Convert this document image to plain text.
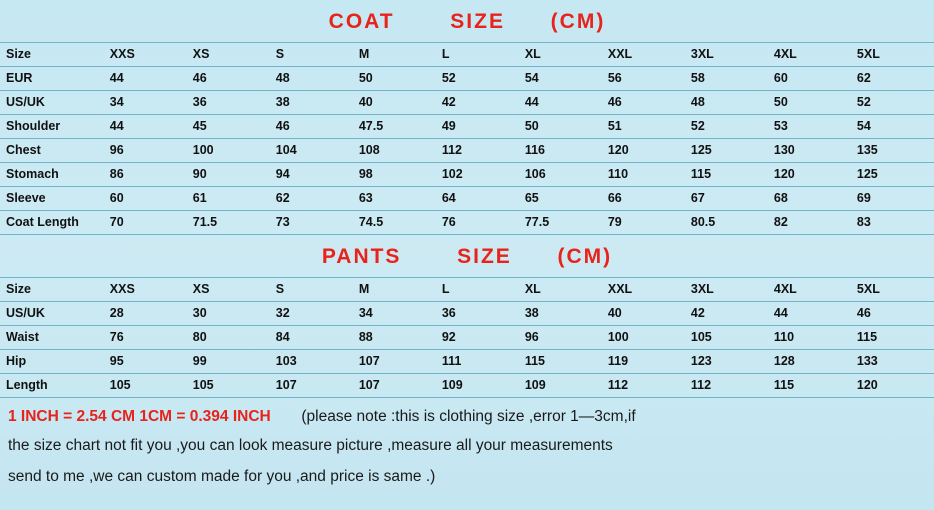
COAT	SIZE (CM)
Size	XXS	XS	S	M	L	XL	XXL	3XL	4XL	5XL
EUR	44	46	48	50	52	54	56	58	60	62
US/UK	34	36	38	40	42	44	46	48	50	52
Shoulder	44	45	46	47.5	49	50	51	52	53	54
Chest	96	100	104	108	112	116	120	125	130	135
Stomach	86	90	94	98	102	106	110	115	120	125
Sleeve	60	61	62	63	64	65	66	67	68	69
Coat Length	70	71.5	73	74.5	76	77.5	79	80.5	82	83
PANTS	SIZE (CM)
Size	XXS	XS	S	M	L	XL	XXL	3XL	4XL	5XL
US/UK	28	30	32	34	36	38	40	42	44	46
Waist	76	80	84	88	92	96	100	105	110	115
Hip	95	99	103	107	111	115	119	123	128	133
Length	105	105	107	107	109	109	112	112	115	120
1 INCH = 2.54 CM 1CM = 0.394 INCH (please note :this is clothing size ,error 1—3cm,if
the size chart not fit you ,you can look measure picture ,measure all your measurements
send to me ,we can custom made for you ,and price is same .)
